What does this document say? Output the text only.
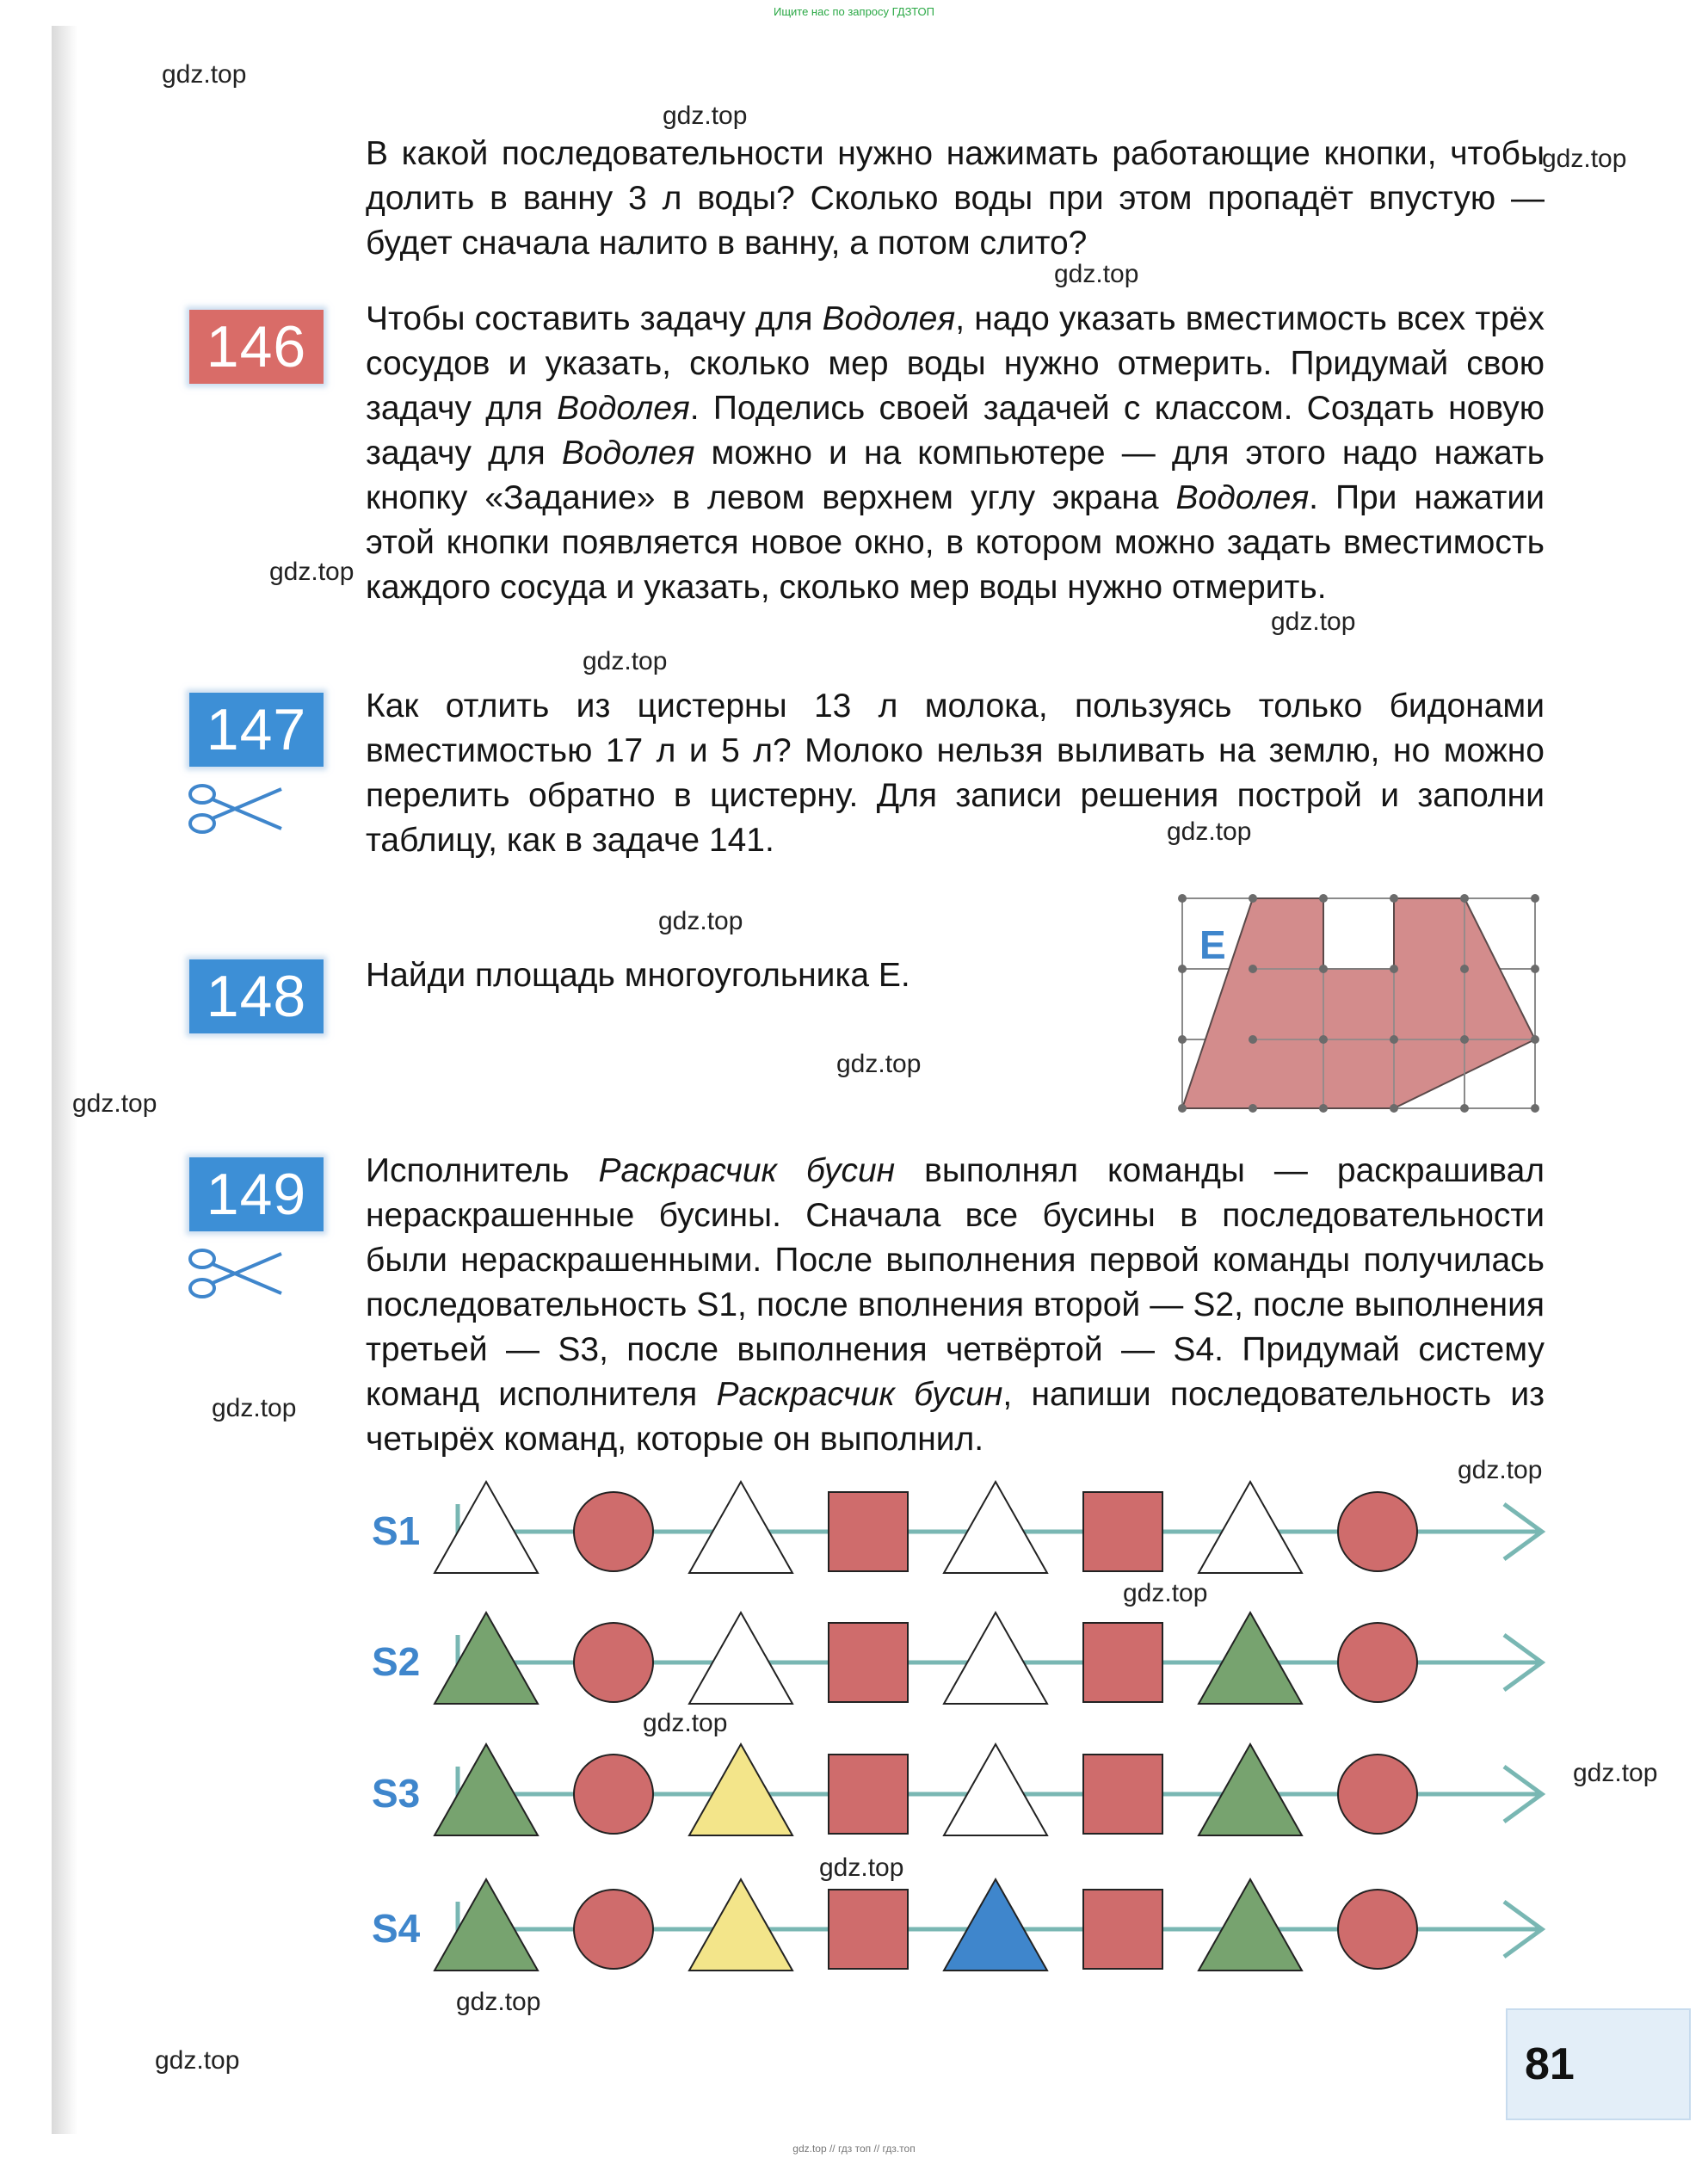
Ищите нас по запросу ГДЗТОП
gdz.top
gdz.top
gdz.top
gdz.top
gdz.top
gdz.top
gdz.top
gdz.top
gdz.top
gdz.top
gdz.top
gdz.top
gdz.top
gdz.top
gdz.top
gdz.top
gdz.top
gdz.top
gdz.top
В какой последовательности нужно нажимать работающие кнопки, чтобы долить в ванну 3 л воды? Сколько воды при этом пропадёт впустую — будет сначала налито в ванну, а потом слито?
146	Чтобы составить задачу для Водолея, надо указать вместимость всех трёх сосудов и указать, сколько мер воды нужно отмерить. Придумай свою задачу для Водолея. Поделись своей задачей с классом. Создать новую задачу для Водолея можно и на компьютере — для этого надо нажать кнопку «Задание» в левом верхнем углу экрана Водолея. При нажатии этой кнопки появляется новое окно, в котором можно задать вместимость каждого сосуда и указать, сколько мер воды нужно отмерить.
147	Как отлить из цистерны 13 л молока, пользуясь только бидонами вместимостью 17 л и 5 л? Молоко нельзя выливать на землю, но можно перелить обратно в цистерну. Для записи решения построй и заполни таблицу, как в задаче 141.
148	Найди площадь многоугольника Е.
E
149	Исполнитель Раскрасчик бусин выполнял команды — раскрашивал нераскрашенные бусины. Сначала все бусины в последовательности были нераскрашенными. После выполнения первой команды получилась последовательность S1, после вполнения второй — S2, после выполнения третьей — S3, после выполнения четвёртой — S4. Придумай систему команд исполнителя Раскрасчик бусин, напиши последовательность из четырёх команд, которые он выполнил.
S1
S2
S3
S4
81
gdz.top // гдз топ // гдз.топ
